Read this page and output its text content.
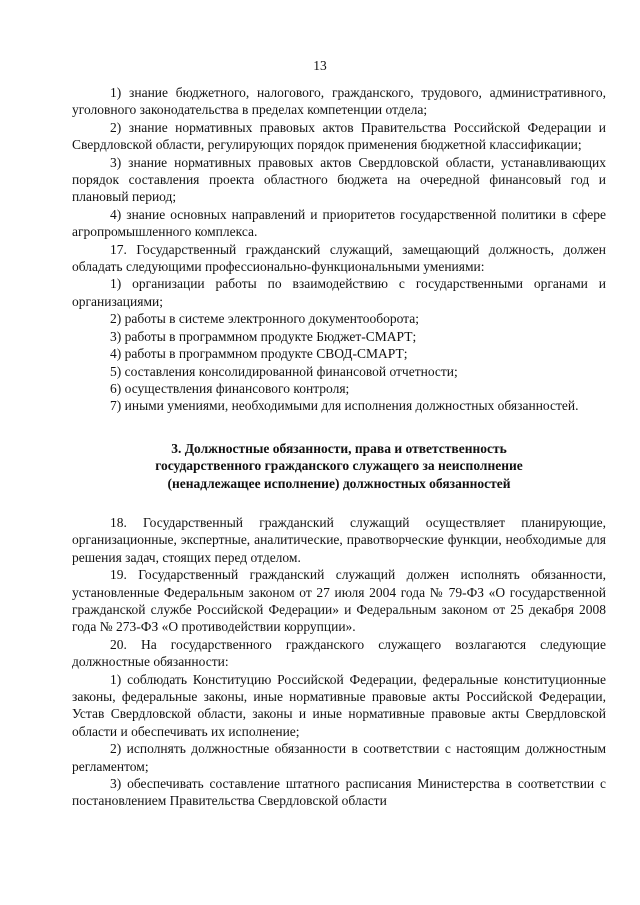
13

1) знание бюджетного, налогового, гражданского, трудового, административного, уголовного законодательства в пределах компетенции отдела;

2) знание нормативных правовых актов Правительства Российской Федерации и Свердловской области, регулирующих порядок применения бюджетной классификации;

3) знание нормативных правовых актов Свердловской области, устанавливающих порядок составления проекта областного бюджета на очередной финансовый год и плановый период;

4) знание основных направлений и приоритетов государственной политики в сфере агропромышленного комплекса.

17. Государственный гражданский служащий, замещающий должность, должен обладать следующими профессионально-функциональными умениями:

1) организации работы по взаимодействию с государственными органами и организациями;

2) работы в системе электронного документооборота;

3) работы в программном продукте Бюджет-СМАРТ;

4) работы в программном продукте СВОД-СМАРТ;

5) составления консолидированной финансовой отчетности;

6) осуществления финансового контроля;

7) иными умениями, необходимыми для исполнения должностных обязанностей.

3. Должностные обязанности, права и ответственность
государственного гражданского служащего за неисполнение
(ненадлежащее исполнение) должностных обязанностей

18. Государственный гражданский служащий осуществляет планирующие, организационные, экспертные, аналитические, правотворческие функции, необходимые для решения задач, стоящих перед отделом.

19. Государственный гражданский служащий должен исполнять обязанности, установленные Федеральным законом от 27 июля 2004 года № 79-ФЗ «О государственной гражданской службе Российской Федерации» и Федеральным законом от 25 декабря 2008 года № 273-ФЗ «О противодействии коррупции».

20. На государственного гражданского служащего возлагаются следующие должностные обязанности:

1) соблюдать Конституцию Российской Федерации, федеральные конституционные законы, федеральные законы, иные нормативные правовые акты Российской Федерации, Устав Свердловской области, законы и иные нормативные правовые акты Свердловской области и обеспечивать их исполнение;

2) исполнять должностные обязанности в соответствии с настоящим должностным регламентом;

3) обеспечивать составление штатного расписания Министерства в соответствии с постановлением Правительства Свердловской области
